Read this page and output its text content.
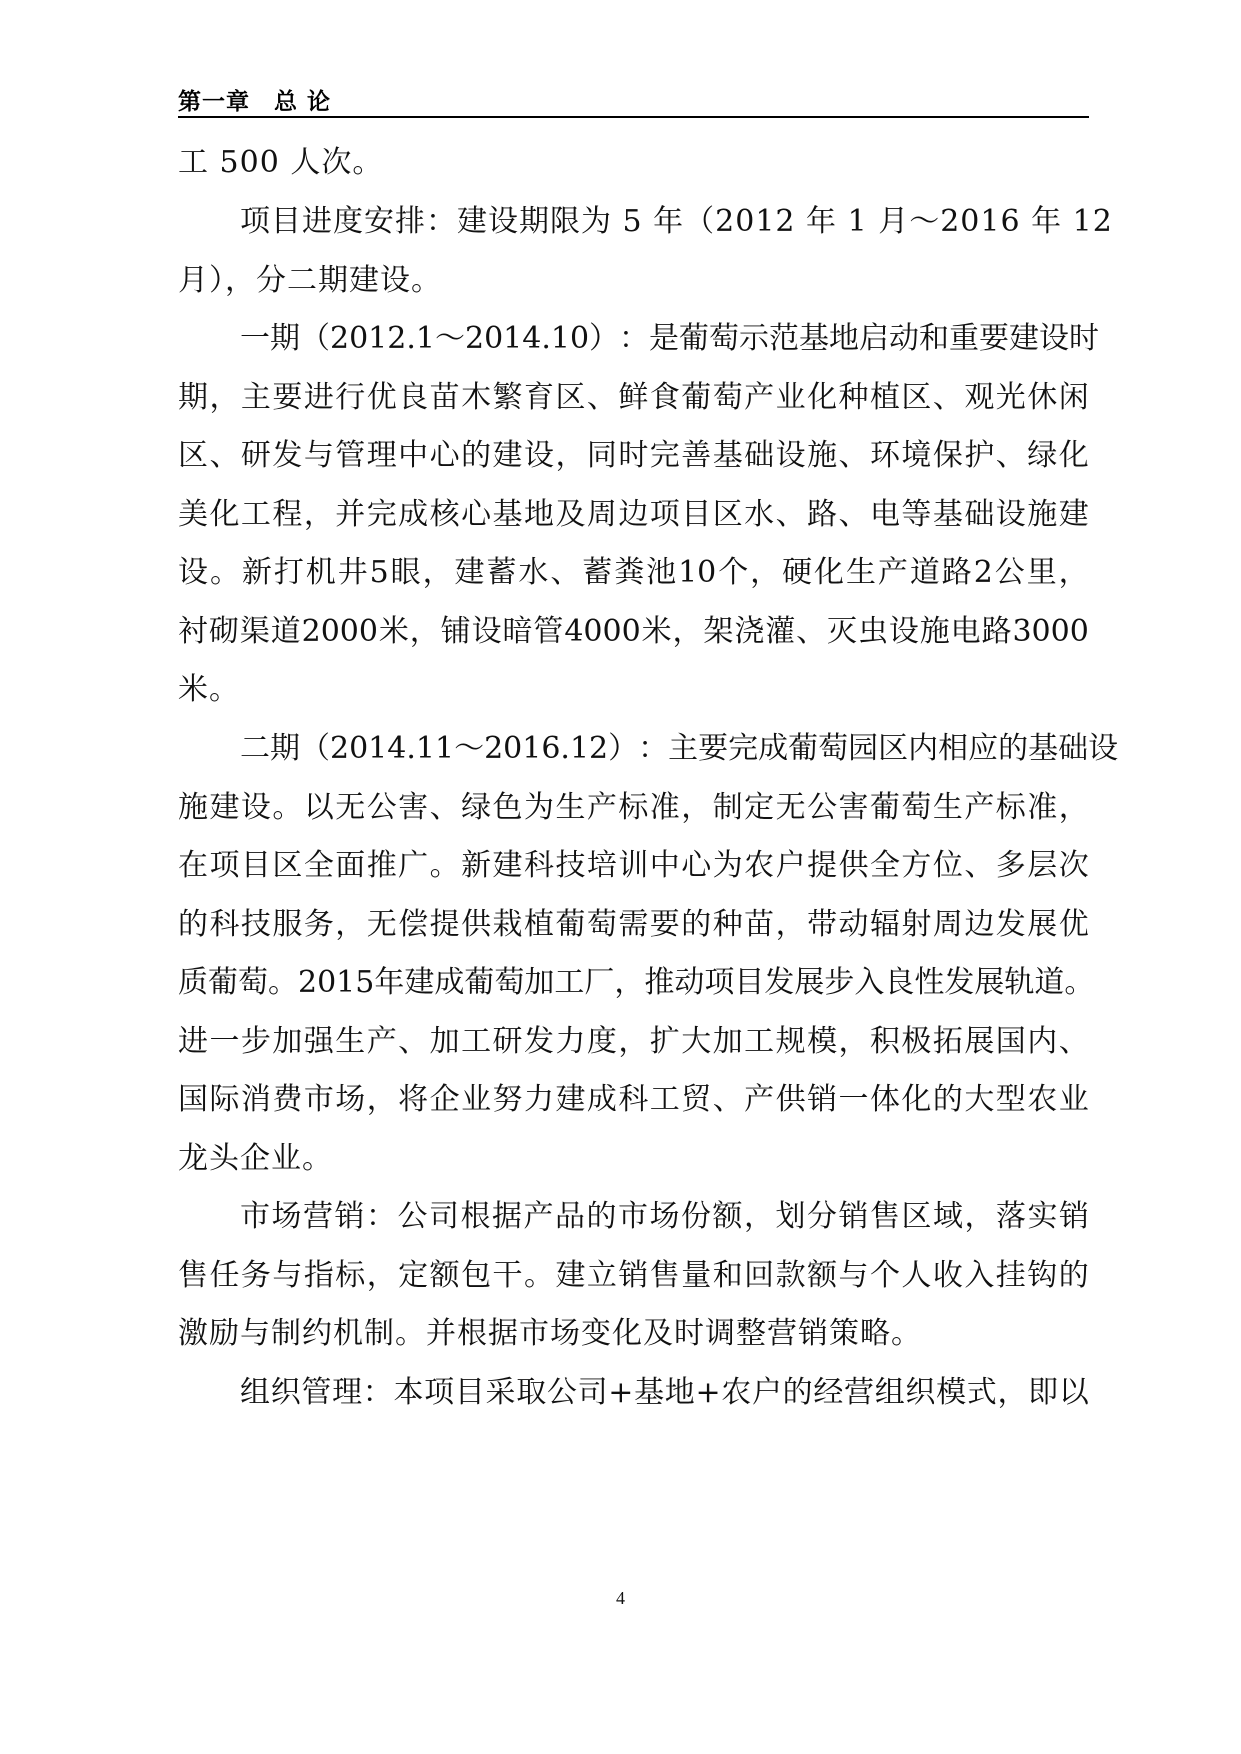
第一章　总 论
工 500 人次。
项目进度安排：建设期限为 5 年（2012 年 1 月～2016 年 12
月），分二期建设。
一 期 （ 2012.1 ～ 2014.10 ） ： 是 葡 萄 示 范 基 地 启 动 和 重 要 建 设 时
期 ， 主 要 进 行 优 良 苗 木 繁 育 区 、 鲜 食 葡 萄 产 业 化 种 植 区 、 观 光 休 闲
区 、 研 发 与 管 理 中 心 的 建 设 ， 同 时 完 善 基 础 设 施 、 环 境 保 护 、 绿 化
美 化 工 程 ， 并 完 成 核 心 基 地 及 周 边 项 目 区 水 、 路 、 电 等 基 础 设 施 建
设 。 新 打 机 井 5 眼 ， 建 蓄 水 、 蓄 粪 池 10 个 ， 硬 化 生 产 道 路 2 公 里 ，
衬 砌 渠 道 2000 米 ， 铺 设 暗 管 4000 米 ， 架 浇 灌 、 灭 虫 设 施 电 路 3000
米。
二 期 （ 2014.11 ～ 2016.12 ） ： 主 要 完 成 葡 萄 园 区 内 相 应 的 基 础 设
施 建 设 。 以 无 公 害 、 绿 色 为 生 产 标 准 ， 制 定 无 公 害 葡 萄 生 产 标 准 ，
在 项 目 区 全 面 推 广 。 新 建 科 技 培 训 中 心 为 农 户 提 供 全 方 位 、 多 层 次
的 科 技 服 务 ， 无 偿 提 供 栽 植 葡 萄 需 要 的 种 苗 ， 带 动 辐 射 周 边 发 展 优
质 葡 萄 。 2015 年 建 成 葡 萄 加 工 厂 ， 推 动 项 目 发 展 步 入 良 性 发 展 轨 道 。
进 一 步 加 强 生 产 、 加 工 研 发 力 度 ， 扩 大 加 工 规 模 ， 积 极 拓 展 国 内 、
国 际 消 费 市 场 ， 将 企 业 努 力 建 成 科 工 贸 、 产 供 销 一 体 化 的 大 型 农 业
龙头企业。
市 场 营 销 ： 公 司 根 据 产 品 的 市 场 份 额 ， 划 分 销 售 区 域 ， 落 实 销
售 任 务 与 指 标 ， 定 额 包 干 。 建 立 销 售 量 和 回 款 额 与 个 人 收 入 挂 钩 的
激励与制约机制。并根据市场变化及时调整营销策略。
组 织 管 理 ： 本 项 目 采 取 公 司 + 基 地 + 农 户 的 经 营 组 织 模 式 ， 即 以
4
